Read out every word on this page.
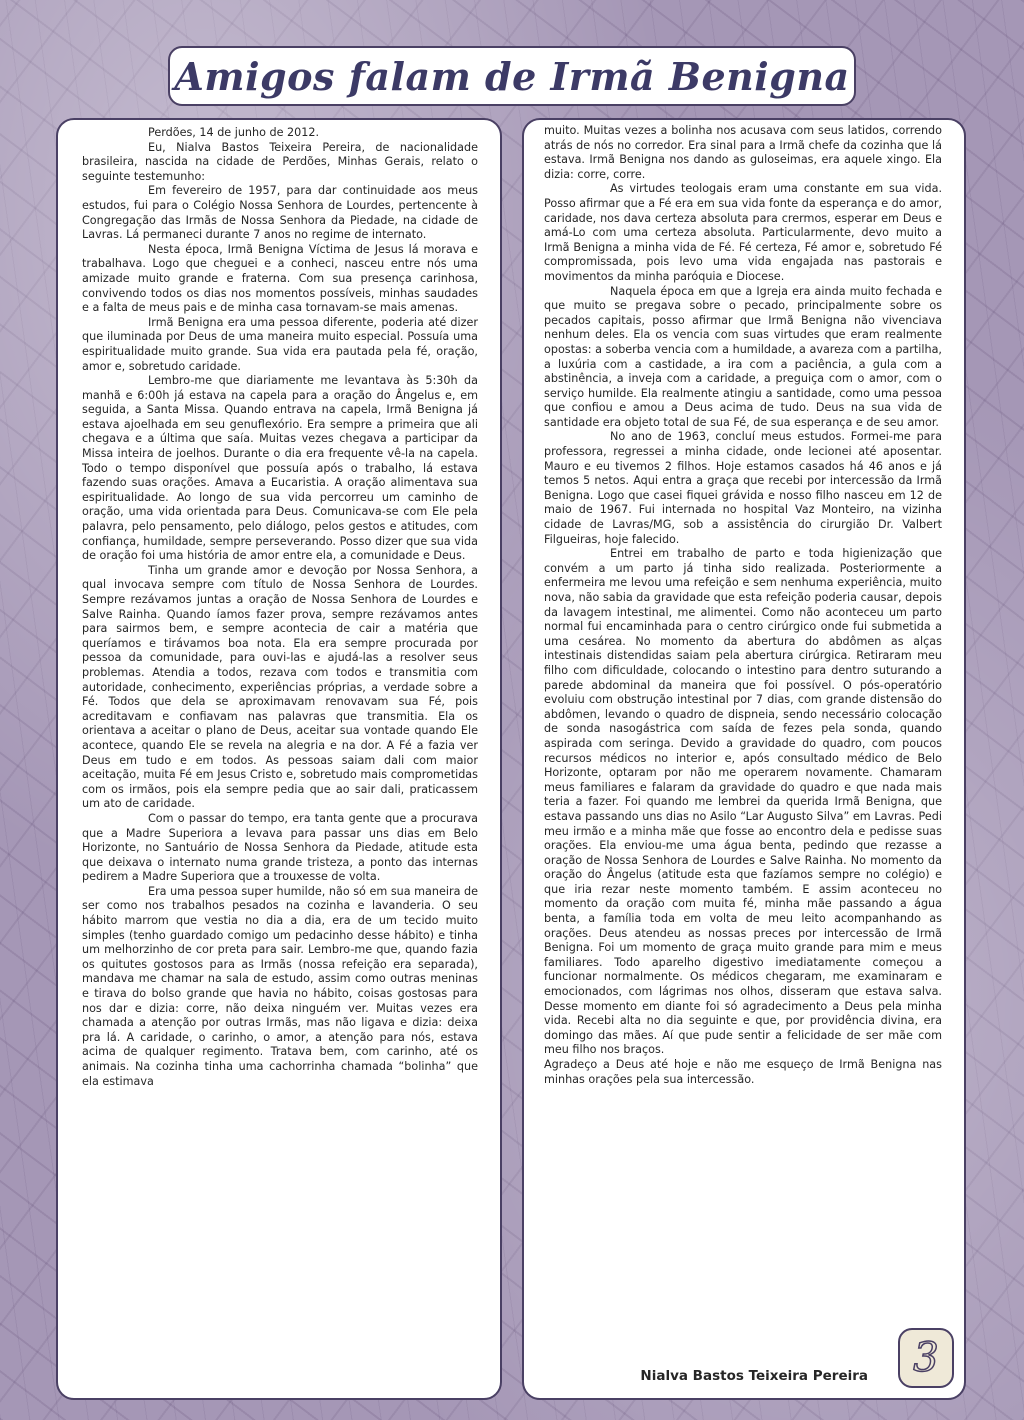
Amigos falam de Irmã Benigna

Perdões, 14 de junho de 2012.

Eu, Nialva Bastos Teixeira Pereira, de nacionalidade brasileira, nascida na cidade de Perdões, Minhas Gerais, relato o seguinte testemunho:

Em fevereiro de 1957, para dar continuidade aos meus estudos, fui para o Colégio Nossa Senhora de Lourdes, pertencente à Congregação das Irmãs de Nossa Senhora da Piedade, na cidade de Lavras. Lá permaneci durante 7 anos no regime de internato.

Nesta época, Irmã Benigna Víctima de Jesus lá morava e trabalhava. Logo que cheguei e a conheci, nasceu entre nós uma amizade muito grande e fraterna. Com sua presença carinhosa, convivendo todos os dias nos momentos possíveis, minhas saudades e a falta de meus pais e de minha casa tornavam-se mais amenas.

Irmã Benigna era uma pessoa diferente, poderia até dizer que iluminada por Deus de uma maneira muito especial. Possuía uma espiritualidade muito grande. Sua vida era pautada pela fé, oração, amor e, sobretudo caridade.

Lembro-me que diariamente me levantava às 5:30h da manhã e 6:00h já estava na capela para a oração do Ângelus e, em seguida, a Santa Missa. Quando entrava na capela, Irmã Benigna já estava ajoelhada em seu genuflexório. Era sempre a primeira que ali chegava e a última que saía. Muitas vezes chegava a participar da Missa inteira de joelhos. Durante o dia era frequente vê-la na capela. Todo o tempo disponível que possuía após o trabalho, lá estava fazendo suas orações. Amava a Eucaristia. A oração alimentava sua espiritualidade. Ao longo de sua vida percorreu um caminho de oração, uma vida orientada para Deus. Comunicava-se com Ele pela palavra, pelo pensamento, pelo diálogo, pelos gestos e atitudes, com confiança, humildade, sempre perseverando. Posso dizer que sua vida de oração foi uma história de amor entre ela, a comunidade e Deus.

Tinha um grande amor e devoção por Nossa Senhora, a qual invocava sempre com título de Nossa Senhora de Lourdes. Sempre rezávamos juntas a oração de Nossa Senhora de Lourdes e Salve Rainha. Quando íamos fazer prova, sempre rezávamos antes para sairmos bem, e sempre acontecia de cair a matéria que queríamos e tirávamos boa nota. Ela era sempre procurada por pessoa da comunidade, para ouvi-las e ajudá-las a resolver seus problemas. Atendia a todos, rezava com todos e transmitia com autoridade, conhecimento, experiências próprias, a verdade sobre a Fé. Todos que dela se aproximavam renovavam sua Fé, pois acreditavam e confiavam nas palavras que transmitia. Ela os orientava a aceitar o plano de Deus, aceitar sua vontade quando Ele acontece, quando Ele se revela na alegria e na dor. A Fé a fazia ver Deus em tudo e em todos. As pessoas saiam dali com maior aceitação, muita Fé em Jesus Cristo e, sobretudo mais comprometidas com os irmãos, pois ela sempre pedia que ao sair dali, praticassem um ato de caridade.

Com o passar do tempo, era tanta gente que a procurava que a Madre Superiora a levava para passar uns dias em Belo Horizonte, no Santuário de Nossa Senhora da Piedade, atitude esta que deixava o internato numa grande tristeza, a ponto das internas pedirem a Madre Superiora que a trouxesse de volta.

Era uma pessoa super humilde, não só em sua maneira de ser como nos trabalhos pesados na cozinha e lavanderia. O seu hábito marrom que vestia no dia a dia, era de um tecido muito simples (tenho guardado comigo um pedacinho desse hábito) e tinha um melhorzinho de cor preta para sair. Lembro-me que, quando fazia os quitutes gostosos para as Irmãs (nossa refeição era separada), mandava me chamar na sala de estudo, assim como outras meninas e tirava do bolso grande que havia no hábito, coisas gostosas para nos dar e dizia: corre, não deixa ninguém ver. Muitas vezes era chamada a atenção por outras Irmãs, mas não ligava e dizia: deixa pra lá. A caridade, o carinho, o amor, a atenção para nós, estava acima de qualquer regimento. Tratava bem, com carinho, até os animais. Na cozinha tinha uma cachorrinha chamada “bolinha” que ela estimava

muito. Muitas vezes a bolinha nos acusava com seus latidos, correndo atrás de nós no corredor. Era sinal para a Irmã chefe da cozinha que lá estava. Irmã Benigna nos dando as guloseimas, era aquele xingo. Ela dizia: corre, corre.

As virtudes teologais eram uma constante em sua vida. Posso afirmar que a Fé era em sua vida fonte da esperança e do amor, caridade, nos dava certeza absoluta para crermos, esperar em Deus e amá-Lo com uma certeza absoluta. Particularmente, devo muito a Irmã Benigna a minha vida de Fé. Fé certeza, Fé amor e, sobretudo Fé compromissada, pois levo uma vida engajada nas pastorais e movimentos da minha paróquia e Diocese.

Naquela época em que a Igreja era ainda muito fechada e que muito se pregava sobre o pecado, principalmente sobre os pecados capitais, posso afirmar que Irmã Benigna não vivenciava nenhum deles. Ela os vencia com suas virtudes que eram realmente opostas: a soberba vencia com a humildade, a avareza com a partilha, a luxúria com a castidade, a ira com a paciência, a gula com a abstinência, a inveja com a caridade, a preguiça com o amor, com o serviço humilde. Ela realmente atingiu a santidade, como uma pessoa que confiou e amou a Deus acima de tudo. Deus na sua vida de santidade era objeto total de sua Fé, de sua esperança e de seu amor.

No ano de 1963, concluí meus estudos. Formei-me para professora, regressei a minha cidade, onde lecionei até aposentar. Mauro e eu tivemos 2 filhos. Hoje estamos casados há 46 anos e já temos 5 netos. Aqui entra a graça que recebi por intercessão da Irmã Benigna. Logo que casei fiquei grávida e nosso filho nasceu em 12 de maio de 1967. Fui internada no hospital Vaz Monteiro, na vizinha cidade de Lavras/MG, sob a assistência do cirurgião Dr. Valbert Filgueiras, hoje falecido.

Entrei em trabalho de parto e toda higienização que convém a um parto já tinha sido realizada. Posteriormente a enfermeira me levou uma refeição e sem nenhuma experiência, muito nova, não sabia da gravidade que esta refeição poderia causar, depois da lavagem intestinal, me alimentei. Como não aconteceu um parto normal fui encaminhada para o centro cirúrgico onde fui submetida a uma cesárea. No momento da abertura do abdômen as alças intestinais distendidas saiam pela abertura cirúrgica. Retiraram meu filho com dificuldade, colocando o intestino para dentro suturando a parede abdominal da maneira que foi possível. O pós-operatório evoluiu com obstrução intestinal por 7 dias, com grande distensão do abdômen, levando o quadro de dispneia, sendo necessário colocação de sonda nasogástrica com saída de fezes pela sonda, quando aspirada com seringa. Devido a gravidade do quadro, com poucos recursos médicos no interior e, após consultado médico de Belo Horizonte, optaram por não me operarem novamente. Chamaram meus familiares e falaram da gravidade do quadro e que nada mais teria a fazer. Foi quando me lembrei da querida Irmã Benigna, que estava passando uns dias no Asilo “Lar Augusto Silva” em Lavras. Pedi meu irmão e a minha mãe que fosse ao encontro dela e pedisse suas orações. Ela enviou-me uma água benta, pedindo que rezasse a oração de Nossa Senhora de Lourdes e Salve Rainha. No momento da oração do Ângelus (atitude esta que fazíamos sempre no colégio) e que iria rezar neste momento também. E assim aconteceu no momento da oração com muita fé, minha mãe passando a água benta, a família toda em volta de meu leito acompanhando as orações. Deus atendeu as nossas preces por intercessão de Irmã Benigna. Foi um momento de graça muito grande para mim e meus familiares. Todo aparelho digestivo imediatamente começou a funcionar normalmente. Os médicos chegaram, me examinaram e emocionados, com lágrimas nos olhos, disseram que estava salva. Desse momento em diante foi só agradecimento a Deus pela minha vida. Recebi alta no dia seguinte e que, por providência divina, era domingo das mães. Aí que pude sentir a felicidade de ser mãe com meu filho nos braços.

Agradeço a Deus até hoje e não me esqueço de Irmã Benigna nas minhas orações pela sua intercessão.

Nialva Bastos Teixeira Pereira 3
